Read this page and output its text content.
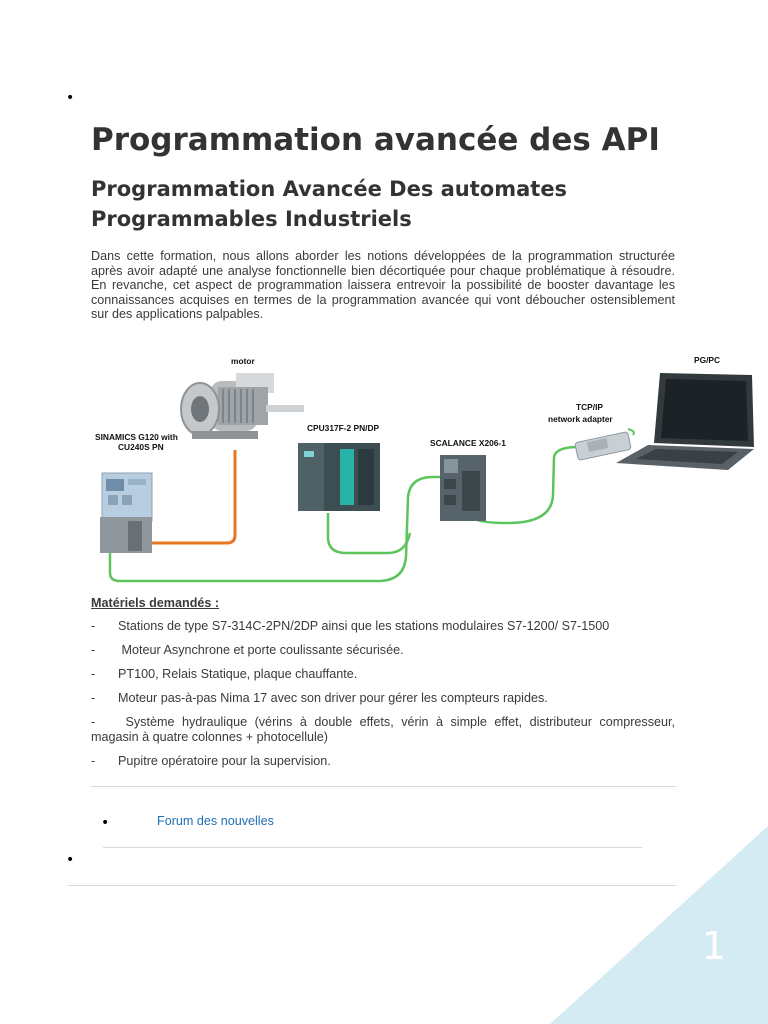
•
Programmation avancée des API
Programmation Avancée Des automates Programmables Industriels

Dans cette formation, nous allons aborder les notions développées de la programmation structurée après avoir adapté une analyse fonctionnelle bien décortiquée pour chaque problématique à résoudre. En revanche, cet aspect de programmation laissera entrevoir la possibilité de booster davantage les connaissances acquises en termes de la programmation avancée qui vont déboucher ostensiblement sur des applications palpables.

motor
SINAMICS G120 with
CU240S PN
CPU317F-2 PN/DP
SCALANCE X206-1
TCP/IP
network adapter
PG/PC
Matériels demandés :
- Stations de type S7-314C-2PN/2DP ainsi que les stations modulaires S7-1200/ S7-1500
- Moteur Asynchrone et porte coulissante sécurisée.
- PT100, Relais Statique, plaque chauffante.
- Moteur pas-à-pas Nima 17 avec son driver pour gérer les compteurs rapides.
- Système hydraulique (vérins à double effets, vérin à simple effet, distributeur compresseur, magasin à quatre colonnes + photocellule)
- Pupitre opératoire pour la supervision.
•	Forum des nouvelles
•
1
